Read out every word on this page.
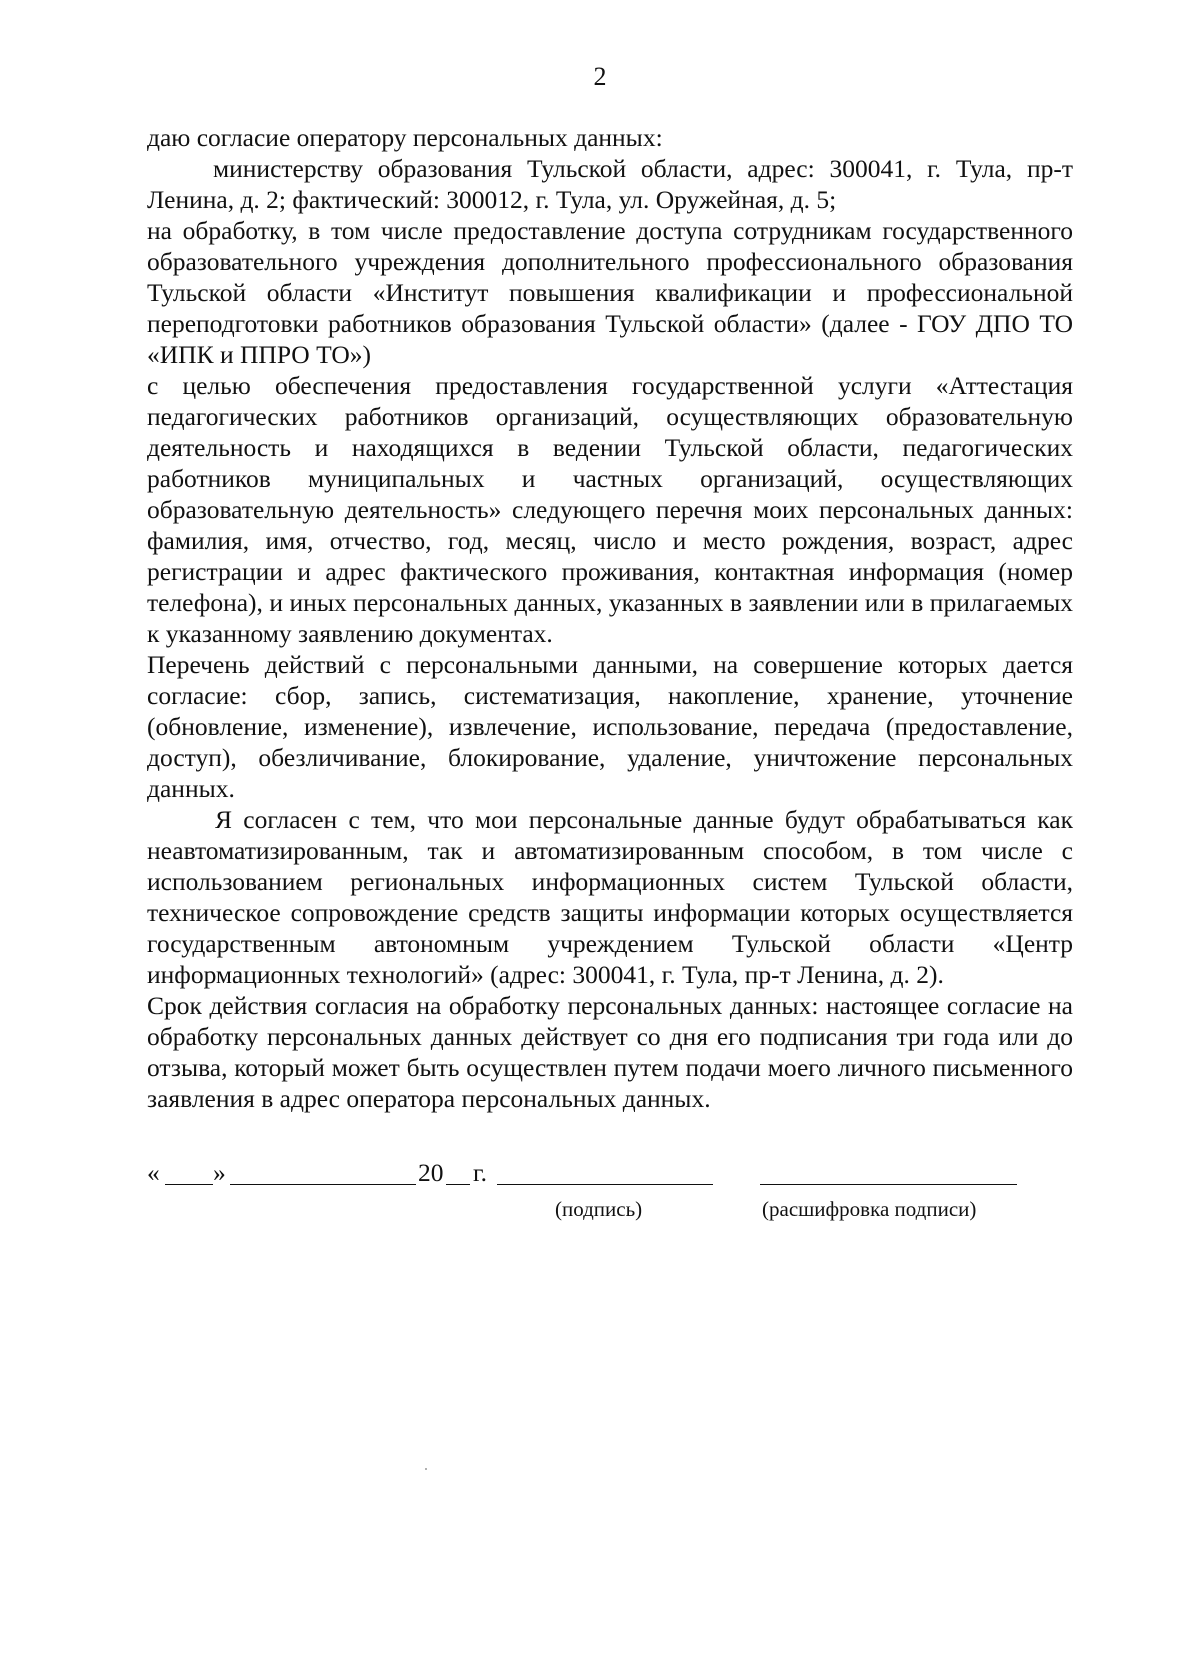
2

даю согласие оператору персональных данных:

министерству образования Тульской области, адрес: 300041, г. Тула, пр-т Ленина, д. 2; фактический: 300012, г. Тула, ул. Оружейная, д. 5;

на обработку, в том числе предоставление доступа сотрудникам государственного образовательного учреждения дополнительного профессионального образования Тульской области «Институт повышения квалификации и профессиональной переподготовки работников образования Тульской области» (далее - ГОУ ДПО ТО «ИПК и ППРО ТО»)

с целью обеспечения предоставления государственной услуги «Аттестация педагогических работников организаций, осуществляющих образовательную деятельность и находящихся в ведении Тульской области, педагогических работников муниципальных и частных организаций, осуществляющих образовательную деятельность» следующего перечня моих персональных данных: фамилия, имя, отчество, год, месяц, число и место рождения, возраст, адрес регистрации и адрес фактического проживания, контактная информация (номер телефона), и иных персональных данных, указанных в заявлении или в прилагаемых к указанному заявлению документах.

Перечень действий с персональными данными, на совершение которых дается согласие: сбор, запись, систематизация, накопление, хранение, уточнение (обновление, изменение), извлечение, использование, передача (предоставление, доступ), обезличивание, блокирование, удаление, уничтожение персональных данных.

Я согласен с тем, что мои персональные данные будут обрабатываться как неавтоматизированным, так и автоматизированным способом, в том числе с использованием региональных информационных систем Тульской области, техническое сопровождение средств защиты информации которых осуществляется государственным автономным учреждением Тульской области «Центр информационных технологий» (адрес: 300041, г. Тула, пр-т Ленина, д. 2).

Срок действия согласия на обработку персональных данных: настоящее согласие на обработку персональных данных действует со дня его подписания три года или до отзыва, который может быть осуществлен путем подачи моего личного письменного заявления в адрес оператора персональных данных.

« »	20 г.
(подпись)	(расшифровка подписи)
